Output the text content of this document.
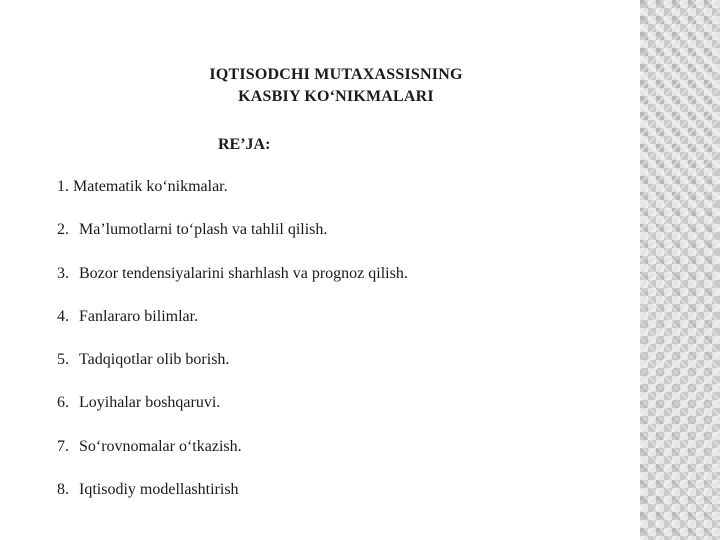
IQTISODCHI MUTAXASSISNING
KASBIY KO‘NIKMALARI
RE’JA:
1. Matematik ko‘nikmalar.
2. Ma’lumotlarni to‘plash va tahlil qilish.
3. Bozor tendensiyalarini sharhlash va prognoz qilish.
4. Fanlararo bilimlar.
5. Tadqiqotlar olib borish.
6. Loyihalar boshqaruvi.
7. So‘rovnomalar o‘tkazish.
8. Iqtisodiy modellashtirish
